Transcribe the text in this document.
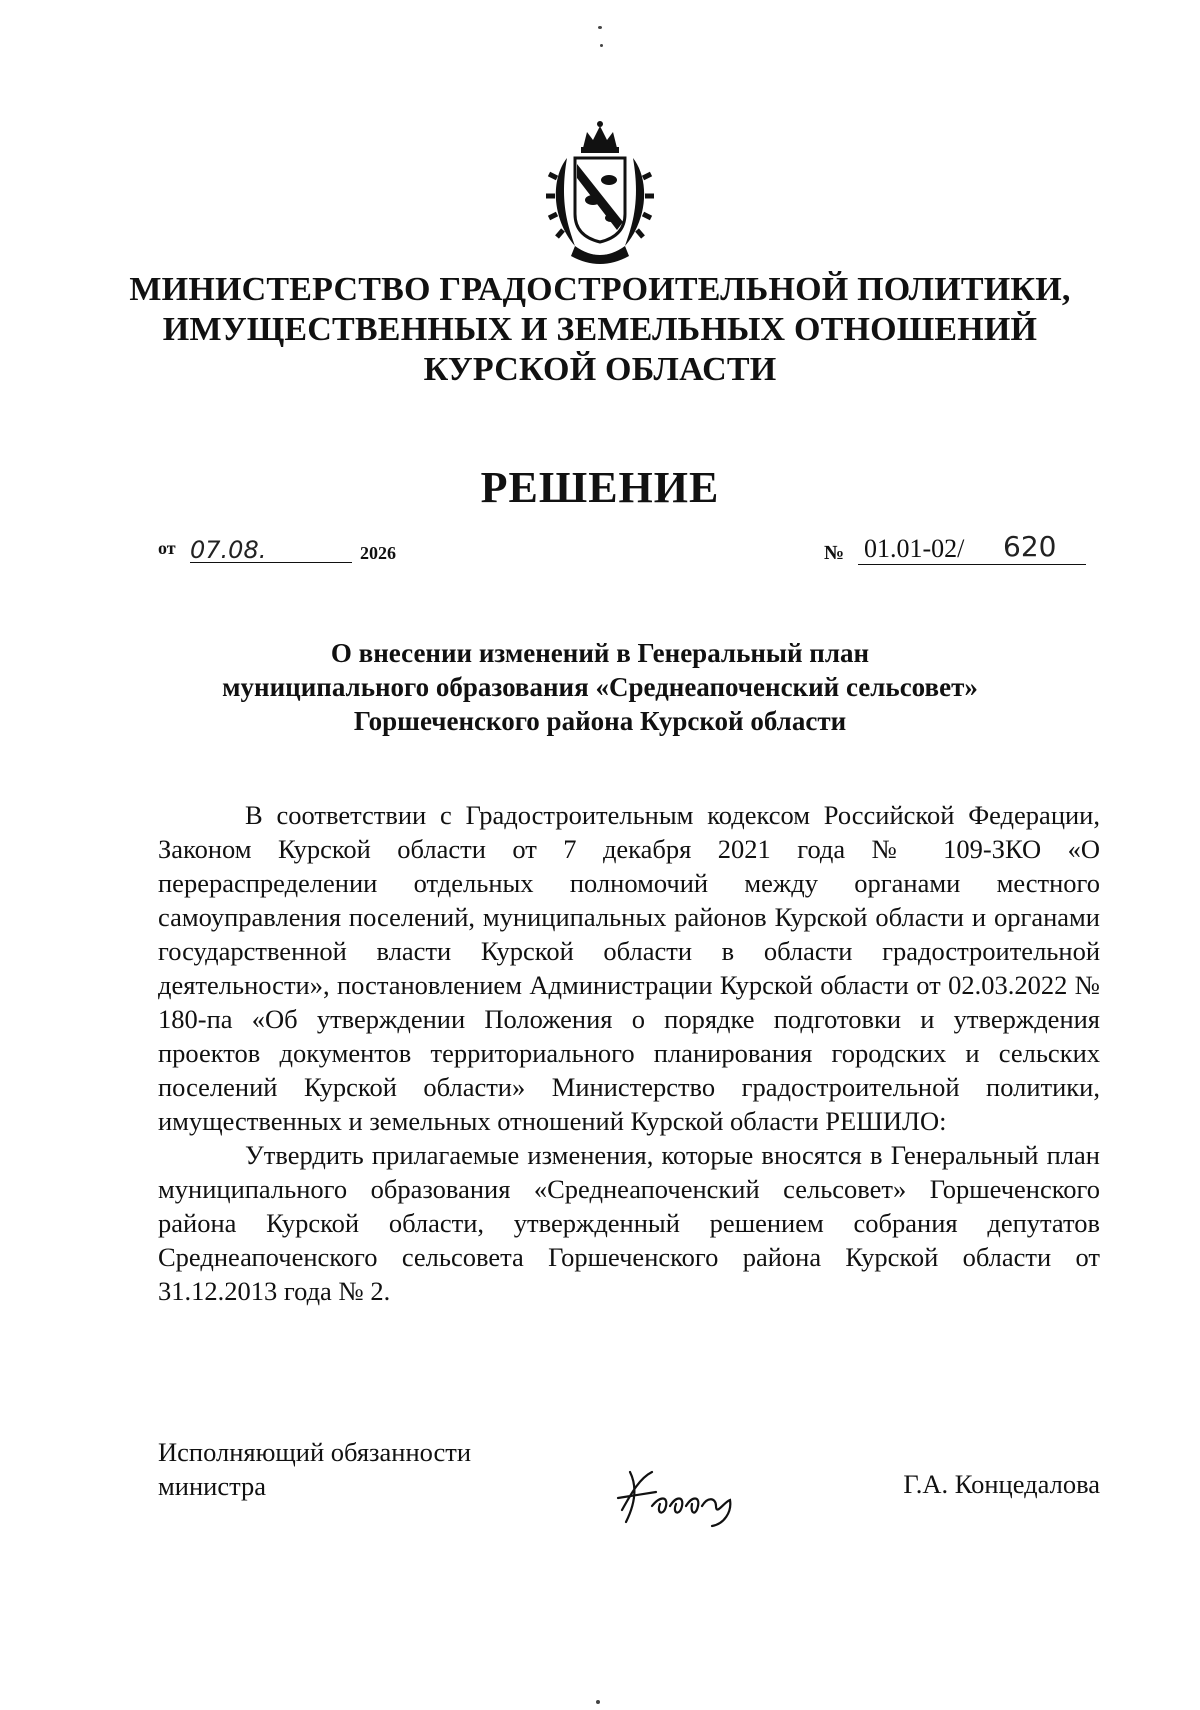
МИНИСТЕРСТВО ГРАДОСТРОИТЕЛЬНОЙ ПОЛИТИКИ,
ИМУЩЕСТВЕННЫХ И ЗЕМЕЛЬНЫХ ОТНОШЕНИЙ
КУРСКОЙ ОБЛАСТИ
РЕШЕНИЕ
от 07.08.	2026	№ 01.01-02/ 620
О внесении изменений в Генеральный план
муниципального образования «Среднеапоченский сельсовет»
Горшеченского района Курской области

В соответствии с Градостроительным кодексом Российской Федерации, Законом Курской области от 7 декабря 2021 года № 109-ЗКО «О перераспределении отдельных полномочий между органами местного самоуправления поселений, муниципальных районов Курской области и органами государственной власти Курской области в области градостроительной деятельности», постановлением Администрации Курской области от 02.03.2022 № 180-па «Об утверждении Положения о порядке подготовки и утверждения проектов документов территориального планирования городских и сельских поселений Курской области» Министерство градостроительной политики, имущественных и земельных отношений Курской области РЕШИЛО:

Утвердить прилагаемые изменения, которые вносятся в Генеральный план муниципального образования «Среднеапоченский сельсовет» Горшеченского района Курской области, утвержденный решением собрания депутатов Среднеапоченского сельсовета Горшеченского района Курской области от 31.12.2013 года № 2.

Исполняющий обязанности
министра	Г.А. Концедалова
